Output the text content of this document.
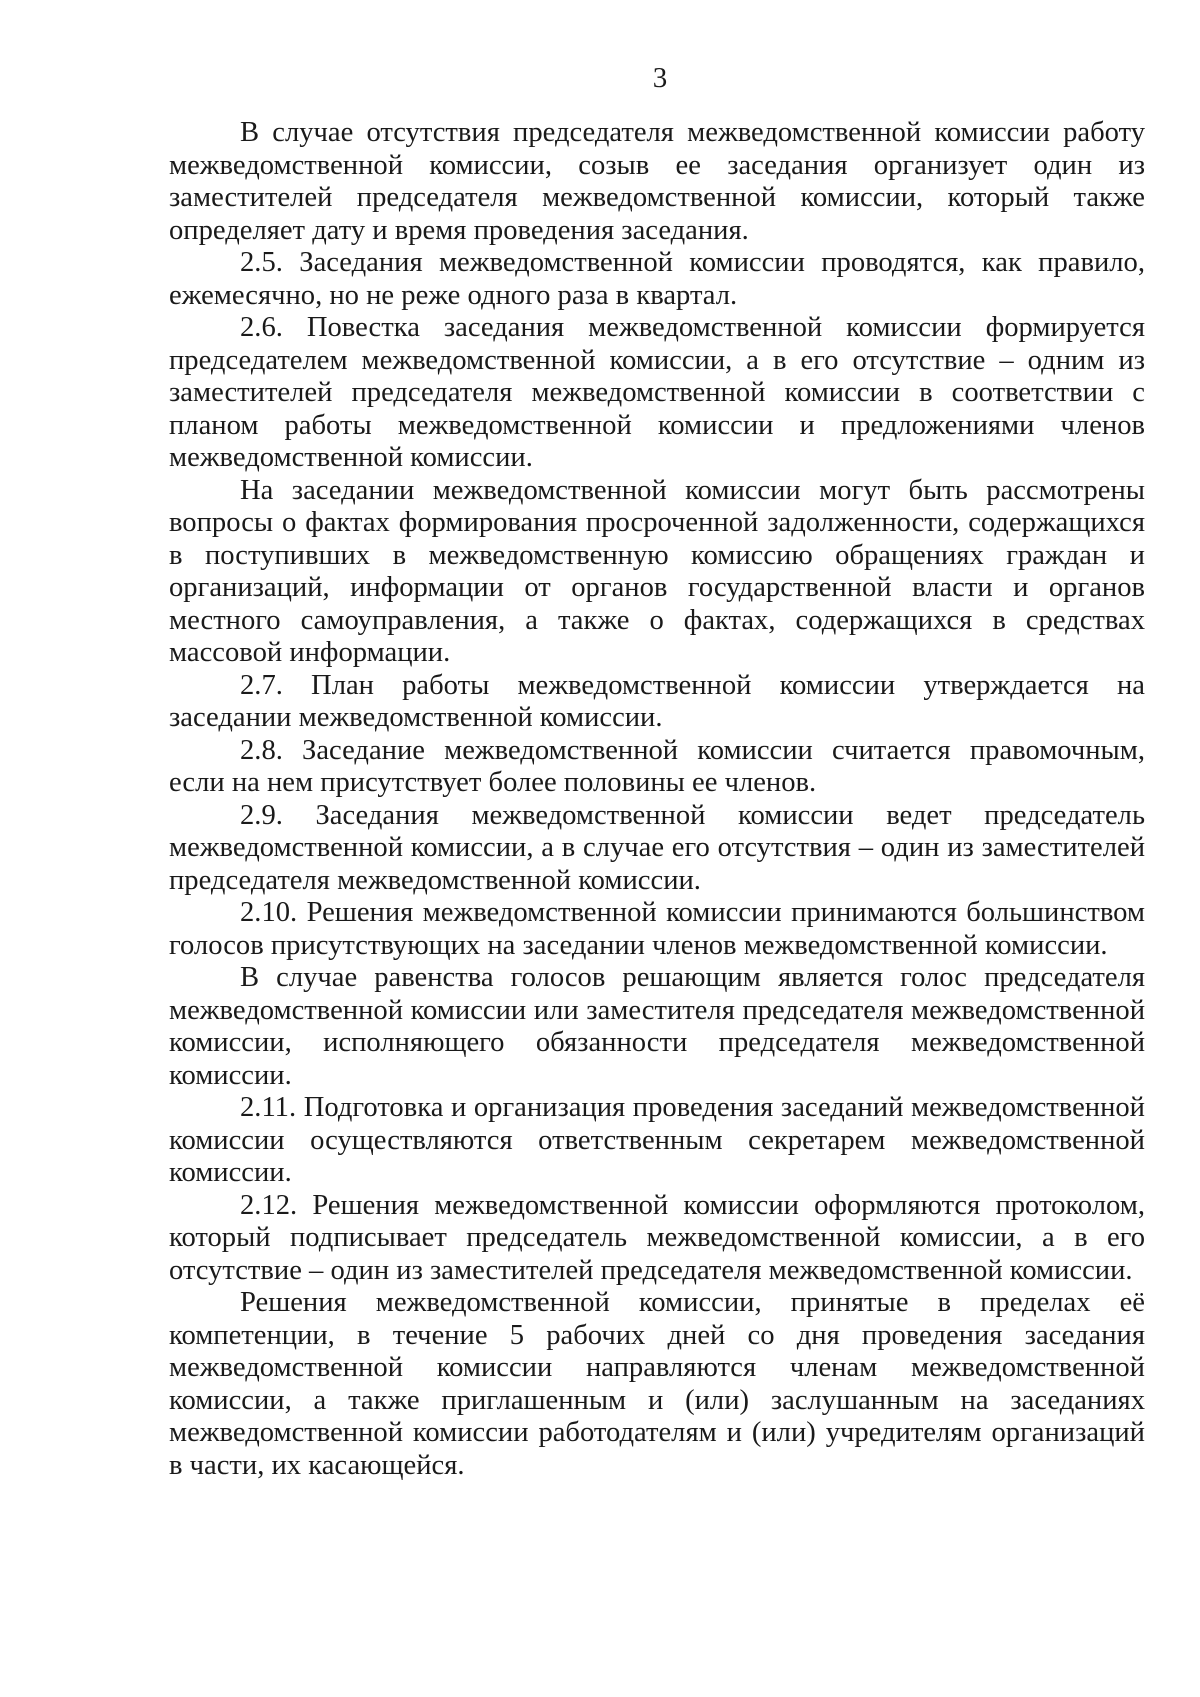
3

В случае отсутствия председателя межведомственной комиссии работу межведомственной комиссии, созыв ее заседания организует один из заместителей председателя межведомственной комиссии, который также определяет дату и время проведения заседания.

2.5. Заседания межведомственной комиссии проводятся, как правило, ежемесячно, но не реже одного раза в квартал.

2.6. Повестка заседания межведомственной комиссии формируется председателем межведомственной комиссии, а в его отсутствие – одним из заместителей председателя межведомственной комиссии в соответствии с планом работы межведомственной комиссии и предложениями членов межведомственной комиссии.

На заседании межведомственной комиссии могут быть рассмотрены вопросы о фактах формирования просроченной задолженности, содержащихся в поступивших в межведомственную комиссию обращениях граждан и организаций, информации от органов государственной власти и органов местного самоуправления, а также о фактах, содержащихся в средствах массовой информации.

2.7. План работы межведомственной комиссии утверждается на заседании межведомственной комиссии.

2.8. Заседание межведомственной комиссии считается правомочным, если на нем присутствует более половины ее членов.

2.9. Заседания межведомственной комиссии ведет председатель межведомственной комиссии, а в случае его отсутствия – один из заместителей председателя межведомственной комиссии.

2.10. Решения межведомственной комиссии принимаются большинством голосов присутствующих на заседании членов межведомственной комиссии.

В случае равенства голосов решающим является голос председателя межведомственной комиссии или заместителя председателя межведомственной комиссии, исполняющего обязанности председателя межведомственной комиссии.

2.11. Подготовка и организация проведения заседаний межведомственной комиссии осуществляются ответственным секретарем межведомственной комиссии.

2.12. Решения межведомственной комиссии оформляются протоколом, который подписывает председатель межведомственной комиссии, а в его отсутствие – один из заместителей председателя межведомственной комиссии.

Решения межведомственной комиссии, принятые в пределах её компетенции, в течение 5 рабочих дней со дня проведения заседания межведомственной комиссии направляются членам межведомственной комиссии, а также приглашенным и (или) заслушанным на заседаниях межведомственной комиссии работодателям и (или) учредителям организаций в части, их касающейся.
